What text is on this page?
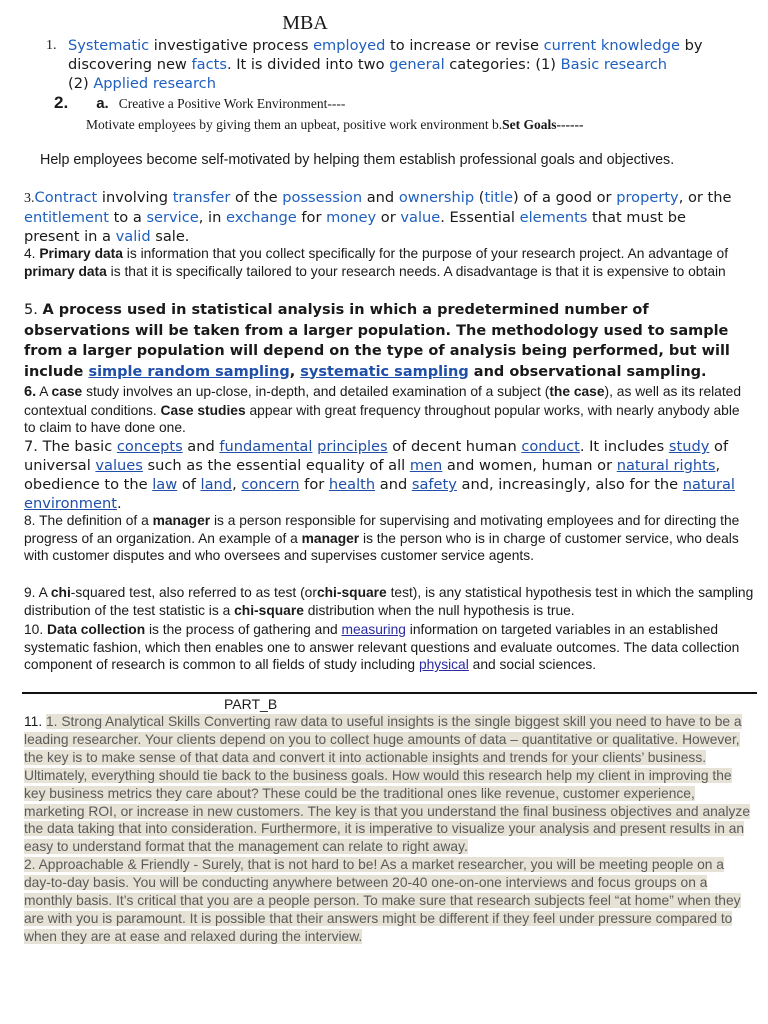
MBA
1. Systematic investigative process employed to increase or revise current knowledge by discovering new facts. It is divided into two general categories: (1) Basic research
(2) Applied research
2. a. Creative a Positive Work Environment----
Motivate employees by giving them an upbeat, positive work environment b.Set Goals------
Help employees become self-motivated by helping them establish professional goals and objectives.
3.Contract involving transfer of the possession and ownership (title) of a good or property, or the entitlement to a service, in exchange for money or value. Essential elements that must be present in a valid sale.
4. Primary data is information that you collect specifically for the purpose of your research project. An advantage of primary data is that it is specifically tailored to your research needs. A disadvantage is that it is expensive to obtain
5. A process used in statistical analysis in which a predetermined number of observations will be taken from a larger population. The methodology used to sample from a larger population will depend on the type of analysis being performed, but will include simple random sampling, systematic sampling and observational sampling.
6. A case study involves an up-close, in-depth, and detailed examination of a subject (the case), as well as its related contextual conditions. Case studies appear with great frequency throughout popular works, with nearly anybody able to claim to have done one.
7. The basic concepts and fundamental principles of decent human conduct. It includes study of universal values such as the essential equality of all men and women, human or natural rights, obedience to the law of land, concern for health and safety and, increasingly, also for the natural environment.
8. The definition of a manager is a person responsible for supervising and motivating employees and for directing the progress of an organization. An example of a manager is the person who is in charge of customer service, who deals with customer disputes and who oversees and supervises customer service agents.
9. A chi-squared test, also referred to as test (orchi-square test), is any statistical hypothesis test in which the sampling distribution of the test statistic is a chi-square distribution when the null hypothesis is true.
10. Data collection is the process of gathering and measuring information on targeted variables in an established systematic fashion, which then enables one to answer relevant questions and evaluate outcomes. The data collection component of research is common to all fields of study including physical and social sciences.
PART_B
11. 1. Strong Analytical Skills Converting raw data to useful insights is the single biggest skill you need to have to be a leading researcher. Your clients depend on you to collect huge amounts of data – quantitative or qualitative. However, the key is to make sense of that data and convert it into actionable insights and trends for your clients’ business. Ultimately, everything should tie back to the business goals. How would this research help my client in improving the key business metrics they care about? These could be the traditional ones like revenue, customer experience, marketing ROI, or increase in new customers. The key is that you understand the final business objectives and analyze the data taking that into consideration. Furthermore, it is imperative to visualize your analysis and present results in an easy to understand format that the management can relate to right away.
2. Approachable & Friendly - Surely, that is not hard to be! As a market researcher, you will be meeting people on a day-to-day basis. You will be conducting anywhere between 20-40 one-on-one interviews and focus groups on a monthly basis. It’s critical that you are a people person. To make sure that research subjects feel “at home” when they are with you is paramount. It is possible that their answers might be different if they feel under pressure compared to when they are at ease and relaxed during the interview.
